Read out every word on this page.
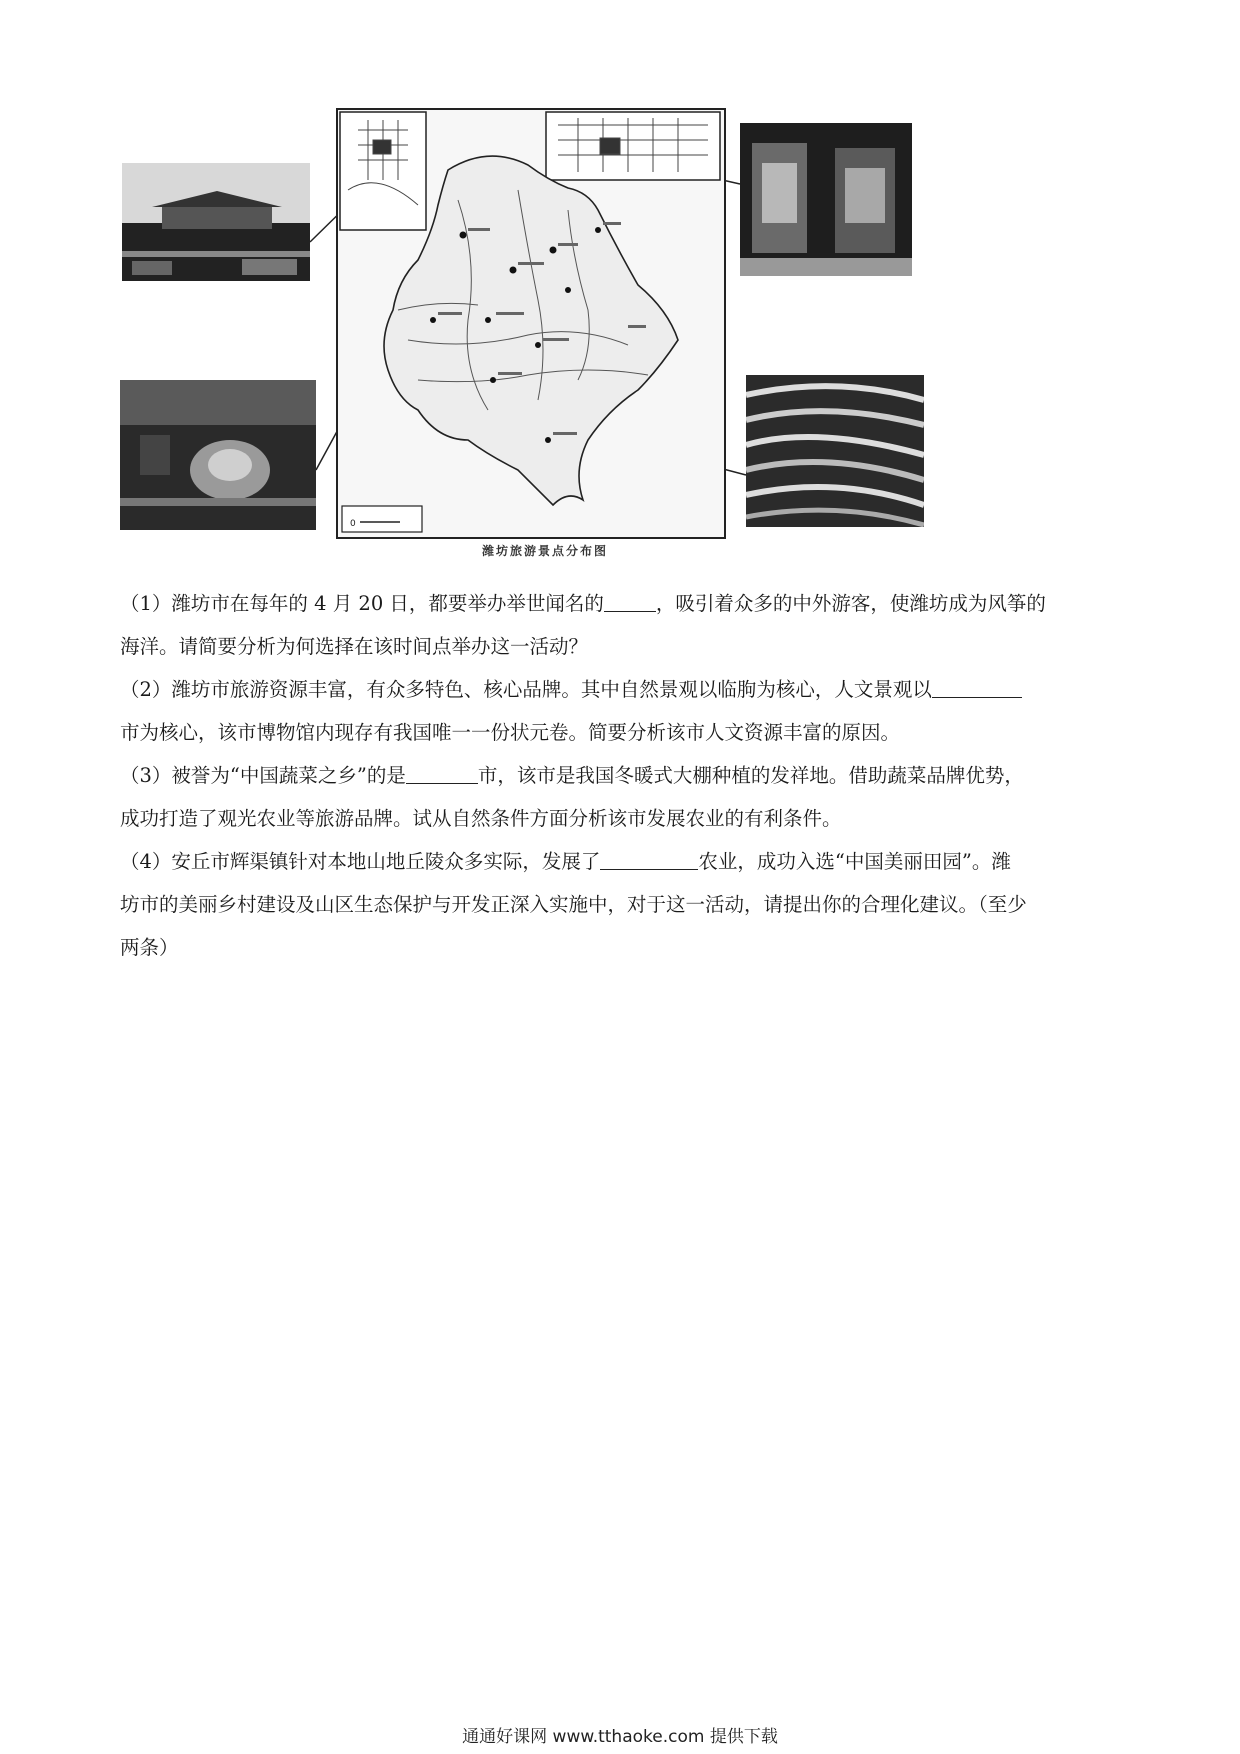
0
潍坊旅游景点分布图
（1）潍坊市在每年的 4 月 20 日，都要举办举世闻名的	，吸引着众多的中外游客，使潍坊成为风筝的
海洋。请简要分析为何选择在该时间点举办这一活动？
（2）潍坊市旅游资源丰富，有众多特色、核心品牌。其中自然景观以临朐为核心，人文景观以
市为核心，该市博物馆内现存有我国唯一一份状元卷。简要分析该市人文资源丰富的原因。
（3）被誉为“中国蔬菜之乡”的是	市，该市是我国冬暖式大棚种植的发祥地。借助蔬菜品牌优势，
成功打造了观光农业等旅游品牌。试从自然条件方面分析该市发展农业的有利条件。
（4）安丘市辉渠镇针对本地山地丘陵众多实际，发展了	农业，成功入选“中国美丽田园”。潍
坊市的美丽乡村建设及山区生态保护与开发正深入实施中，对于这一活动，请提出你的合理化建议。（至少
两条）
通通好课网 www.tthaoke.com 提供下载
